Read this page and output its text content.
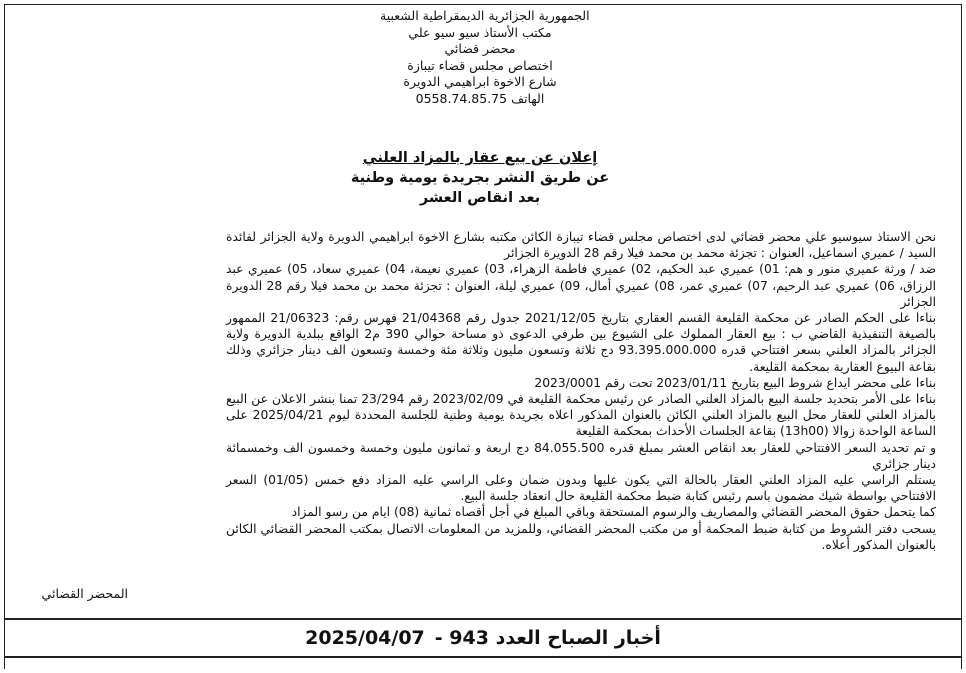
الجمهورية الجزائرية الديمقراطية الشعبية
مكتب الأستاذ سيو سيو علي
محضر قضائي
اختصاص مجلس قضاء تيبازة
شارع الاخوة ابراهيمي الدويرة
الهاتف 0558.74.85.75
إعلان عن بيع عقار بالمزاد العلني
عن طريق النشر بجريدة يومية وطنية
بعد انقاص العشر

نحن الاستاذ سيوسيو علي محضر قضائي لدى اختصاص مجلس قضاء تيبازة الكائن مكتبه بشارع الاخوة ابراهيمي الدويرة ولاية الجزائر لفائدة السيد / عميري اسماعيل، العنوان : تجزئة محمد بن محمد فيلا رقم 28 الدويرة الجزائر

ضد / ورثة عميري منور و هم: 01) عميري عبد الحكيم، 02) عميري فاطمة الزهراء، 03) عميري نعيمة، 04) عميري سعاد، 05) عميري عبد الرزاق، 06) عميري عبد الرحيم، 07) عميري عمر، 08) عميري أمال، 09) عميري ليلة، العنوان : تجزئة محمد بن محمد فيلا رقم 28 الدويرة الجزائر

بناءا على الحكم الصادر عن محكمة القليعة القسم العقاري بتاريخ 2021/12/05 جدول رقم 21/04368 فهرس رقم: 21/06323 الممهور بالصيغة التنفيذية القاضي ب : بيع العقار المملوك على الشيوع بين طرفي الدعوى ذو مساحة حوالي 390 م2 الواقع ببلدية الدويرة ولاية الجزائر بالمزاد العلني بسعر افتتاحي قدره 93.395.000.000 دج ثلاثة وتسعون مليون وثلاثة مئة وخمسة وتسعون الف دينار جزائري وذلك بقاعة البيوع العقارية بمحكمة القليعة.

بناءا على محضر ايداع شروط البيع بتاريخ 2023/01/11 تحت رقم 2023/0001

بناءا على الأمر بتحديد جلسة البيع بالمزاد العلني الصادر عن رئيس محكمة القليعة في 2023/02/09 رقم 23/294 تمنا بنشر الاعلان عن البيع بالمزاد العلني للعقار محل البيع بالمزاد العلني الكائن بالعنوان المذكور اعلاه بجريدة يومية وطنية للجلسة المحددة ليوم 2025/04/21 على الساعة الواحدة زوالا (13h00) بقاعة الجلسات الأحداث بمحكمة القليعة

و تم تحديد السعر الافتتاحي للعقار بعد انقاص العشر بمبلغ قدره 84.055.500 دج اربعة و ثمانون مليون وخمسة وخمسون الف وخمسمائة دينار جزائري

يستلم الراسي عليه المزاد العلني العقار بالحالة التي يكون عليها وبدون ضمان وعلى الراسي عليه المزاد دفع خمس (01/05) السعر الافتتاحي بواسطة شيك مضمون باسم رئيس كتابة ضبط محكمة القليعة حال انعقاد جلسة البيع.

كما يتحمل حقوق المحضر القضائي والمصاريف والرسوم المستحقة وباقي المبلغ في أجل أقصاه ثمانية (08) ايام من رسو المزاد

يسحب دفتر الشروط من كتابة ضبط المحكمة أو من مكتب المحضر القضائي، وللمزيد من المعلومات الاتصال بمكتب المحضر القضائي الكائن بالعنوان المذكور أعلاه.

المحضر القضائي
أخبار الصباح العدد 943 -
2025/04/07
